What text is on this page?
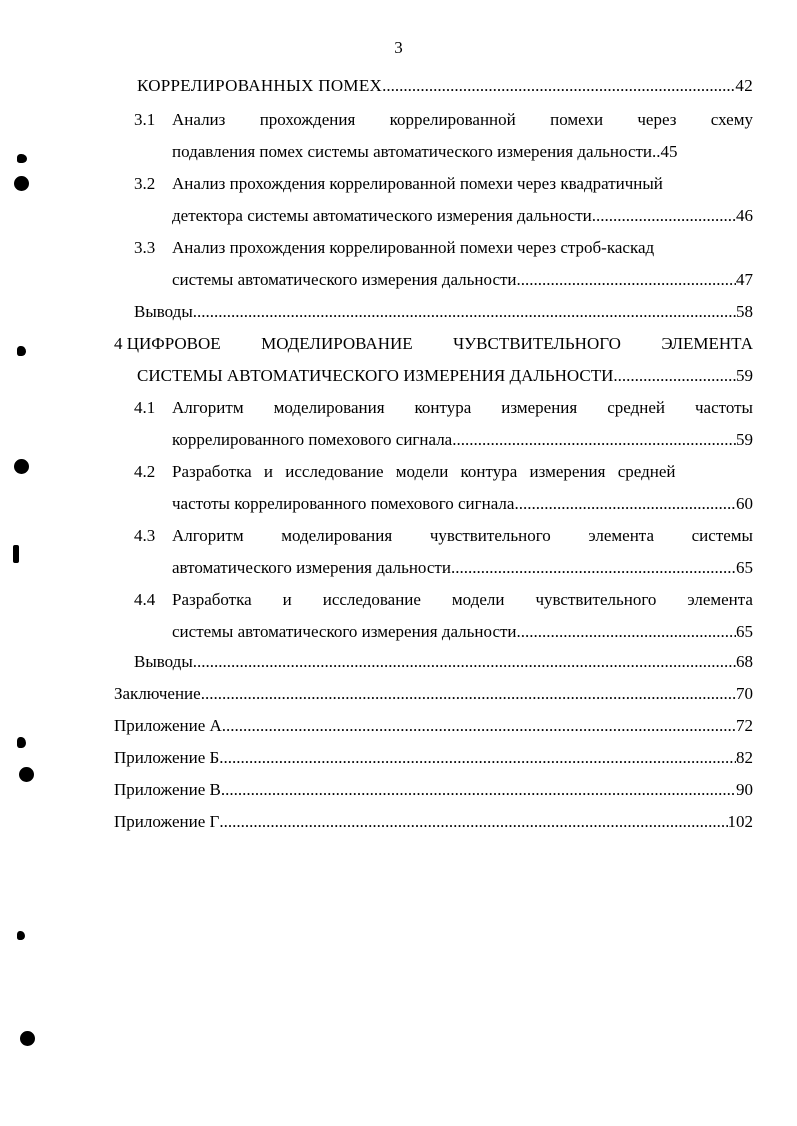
3
КОРРЕЛИРОВАННЫХ ПОМЕХ .....	42
3.1 Анализ прохождения коррелированной помехи через схему
подавления помех системы автоматического измерения дальности..45
3.2 Анализ прохождения коррелированной помехи через квадратичный
детектора системы автоматического измерения дальности .....	46
3.3 Анализ прохождения коррелированной помехи через строб-каскад
системы автоматического измерения дальности .....	47
Выводы .....	58
4 ЦИФРОВОЕ МОДЕЛИРОВАНИЕ ЧУВСТВИТЕЛЬНОГО ЭЛЕМЕНТА
СИСТЕМЫ АВТОМАТИЧЕСКОГО ИЗМЕРЕНИЯ ДАЛЬНОСТИ .....	59
4.1 Алгоритм моделирования контура измерения средней частоты
коррелированного помехового сигнала .....	59
4.2 Разработка и исследование модели контура измерения средней
частоты коррелированного помехового сигнала .....	60
4.3 Алгоритм моделирования чувствительного элемента системы
автоматического измерения дальности .....	65
4.4 Разработка и исследование модели чувствительного элемента
системы автоматического измерения дальности .....	65
Выводы .....	68
Заключение .....	70
Приложение А .....	72
Приложение Б .....	82
Приложение В .....	90
Приложение Г .....	102
